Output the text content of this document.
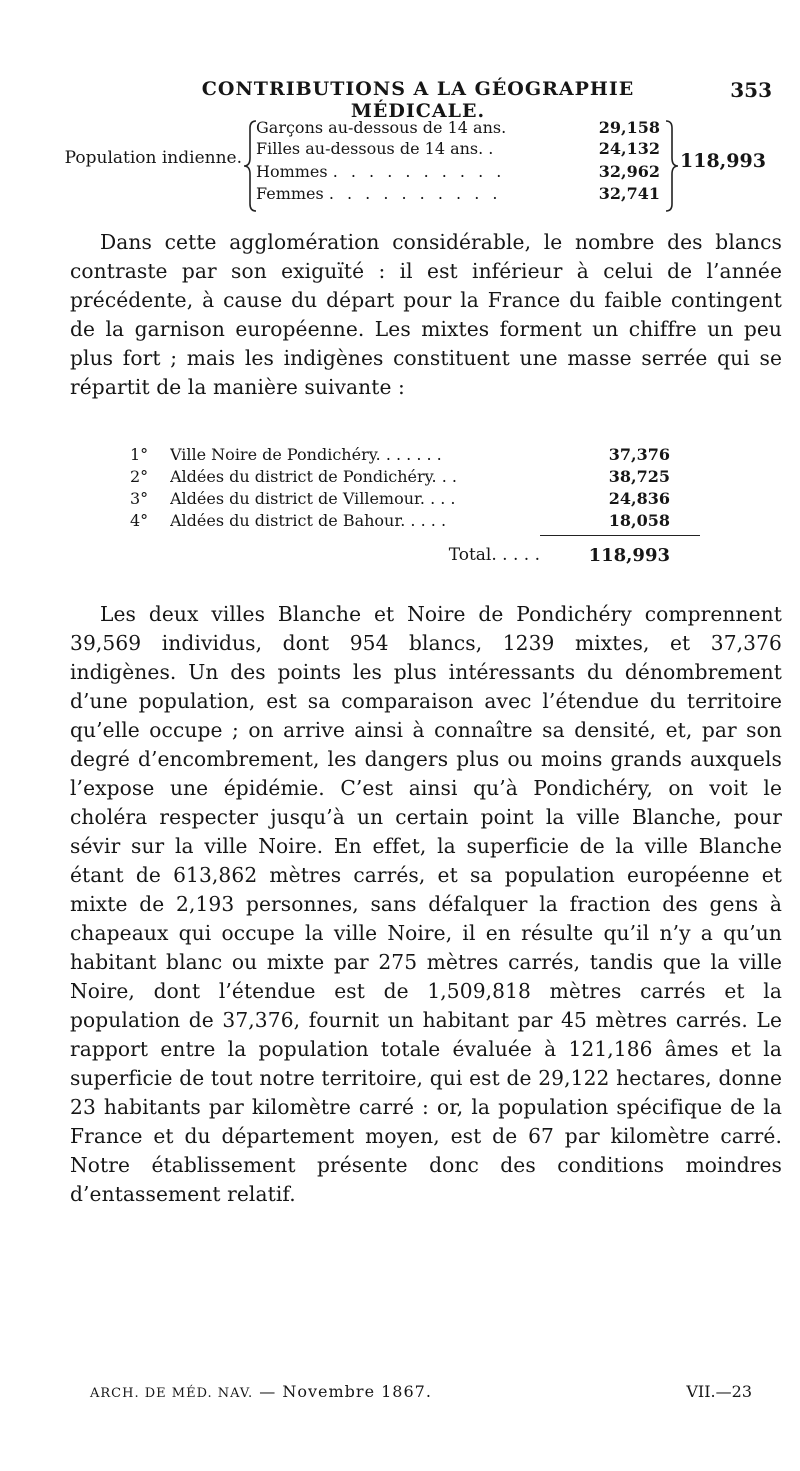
CONTRIBUTIONS A LA GÉOGRAPHIE MÉDICALE.
353
Population indienne.
Garçons au-dessous de 14 ans.	29,158
Filles au-dessous de 14 ans. .	24,132
Hommes . . . . . . . . . .	32,962
Femmes . . . . . . . . . .	32,741
118,993
Dans cette agglomération considérable, le nombre des blancs contraste par son exiguïté : il est inférieur à celui de l’année précédente, à cause du départ pour la France du faible contingent de la garnison européenne. Les mixtes forment un chiffre un peu plus fort ; mais les indigènes constituent une masse serrée qui se répartit de la manière suivante :
1°	Ville Noire de Pondichéry. . . . . . .	37,376
2°	Aldées du district de Pondichéry. . .	38,725
3°	Aldées du district de Villemour. . . .	24,836
4°	Aldées du district de Bahour. . . . .	18,058
Total. . . . .	118,993
Les deux villes Blanche et Noire de Pondichéry comprennent 39,569 individus, dont 954 blancs, 1239 mixtes, et 37,376 indigènes. Un des points les plus intéressants du dénombrement d’une population, est sa comparaison avec l’étendue du territoire qu’elle occupe ; on arrive ainsi à connaître sa densité, et, par son degré d’encombrement, les dangers plus ou moins grands auxquels l’expose une épidémie. C’est ainsi qu’à Pondichéry, on voit le choléra respecter jusqu’à un certain point la ville Blanche, pour sévir sur la ville Noire. En effet, la superficie de la ville Blanche étant de 613,862 mètres carrés, et sa population européenne et mixte de 2,193 personnes, sans défalquer la fraction des gens à chapeaux qui occupe la ville Noire, il en résulte qu’il n’y a qu’un habitant blanc ou mixte par 275 mètres carrés, tandis que la ville Noire, dont l’étendue est de 1,509,818 mètres carrés et la population de 37,376, fournit un habitant par 45 mètres carrés. Le rapport entre la population totale évaluée à 121,186 âmes et la superficie de tout notre territoire, qui est de 29,122 hectares, donne 23 habitants par kilomètre carré : or, la population spécifique de la France et du département moyen, est de 67 par kilomètre carré. Notre établissement présente donc des conditions moindres d’entassement relatif.
ARCH. DE MÉD. NAV. — Novembre 1867.	VII.—23
